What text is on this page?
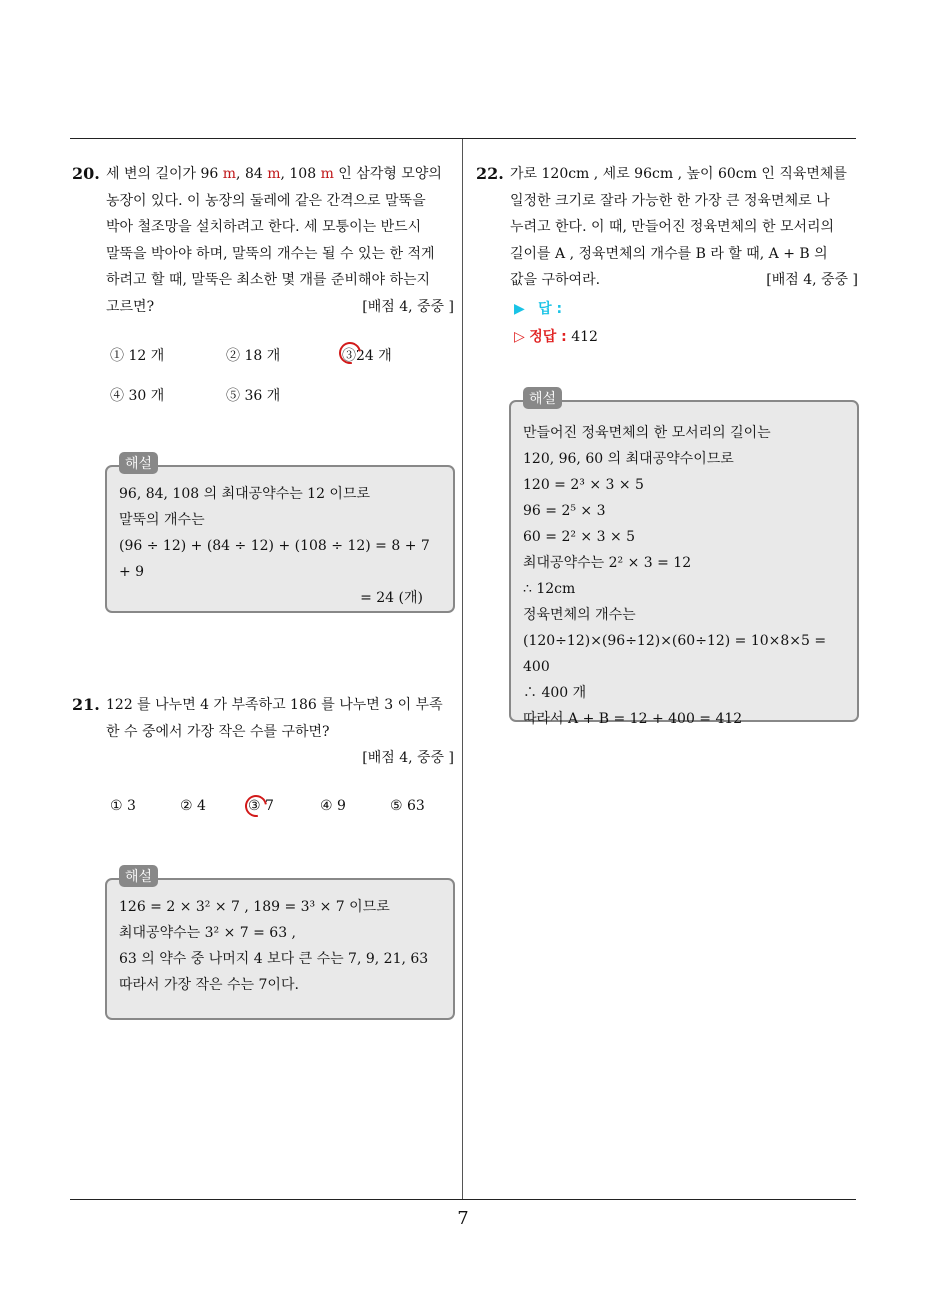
20. 세 변의 길이가 96 m, 84 m, 108 m 인 삼각형 모양의
농장이 있다. 이 농장의 둘레에 같은 간격으로 말뚝을
박아 철조망을 설치하려고 한다. 세 모퉁이는 반드시
말뚝을 박아야 하며, 말뚝의 개수는 될 수 있는 한 적게
하려고 할 때, 말뚝은 최소한 몇 개를 준비해야 하는지
고르면?	[배점 4, 중중 ]
① 12 개	② 18 개	③24 개
④ 30 개	⑤ 36 개
해설
96, 84, 108 의 최대공약수는 12 이므로
말뚝의 개수는
(96 ÷ 12) + (84 ÷ 12) + (108 ÷ 12) = 8 + 7 + 9
= 24 (개)
21. 122 를 나누면 4 가 부족하고 186 를 나누면 3 이 부족
한 수 중에서 가장 작은 수를 구하면?
[배점 4, 중중 ]
① 3	② 4	③ 7	④ 9	⑤ 63
해설
126 = 2 × 3² × 7 , 189 = 3³ × 7 이므로
최대공약수는 3² × 7 = 63 ,
63 의 약수 중 나머지 4 보다 큰 수는 7, 9, 21, 63
따라서 가장 작은 수는 7이다.
22. 가로 120cm , 세로 96cm , 높이 60cm 인 직육면체를
일정한 크기로 잘라 가능한 한 가장 큰 정육면체로 나
누려고 한다. 이 때, 만들어진 정육면체의 한 모서리의
길이를 A , 정육면체의 개수를 B 라 할 때, A + B 의
값을 구하여라.	[배점 4, 중중 ]
▶ 답 :
▷ 정답 : 412
해설
만들어진 정육면체의 한 모서리의 길이는
120, 96, 60 의 최대공약수이므로
120 = 2³ × 3 × 5
96 = 2⁵ × 3
60 = 2² × 3 × 5
최대공약수는 2² × 3 = 12
∴ 12cm
정육면체의 개수는
(120÷12)×(96÷12)×(60÷12) = 10×8×5 = 400
∴ 400 개
따라서 A + B = 12 + 400 = 412
7
